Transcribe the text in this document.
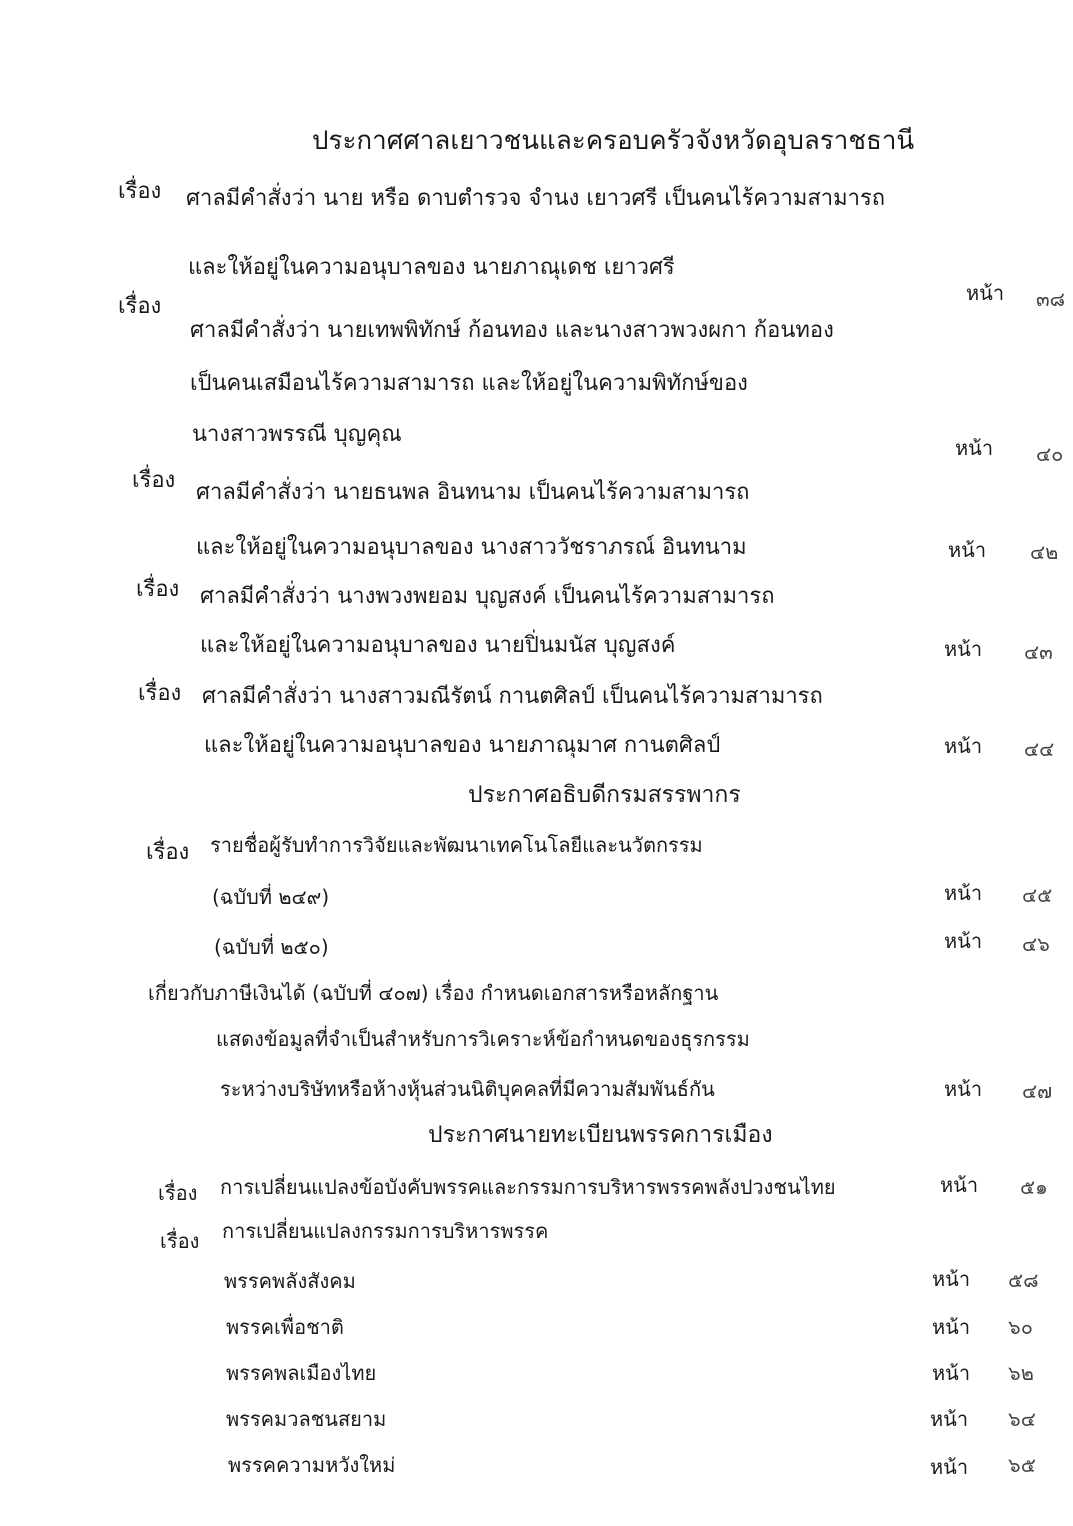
ประกาศศาลเยาวชนและครอบครัวจังหวัดอุบลราชธานี
เรื่อง ศาลมีคำสั่งว่า นาย หรือ ดาบตำรวจ จำนง เยาวศรี เป็นคนไร้ความสามารถ
และให้อยู่ในความอนุบาลของ นายภาณุเดช เยาวศรี
หน้า ๓๘
เรื่อง
ศาลมีคำสั่งว่า นายเทพพิทักษ์ ก้อนทอง และนางสาวพวงผกา ก้อนทอง
เป็นคนเสมือนไร้ความสามารถ และให้อยู่ในความพิทักษ์ของ
นางสาวพรรณี บุญคุณ
หน้า ๔๐
เรื่อง ศาลมีคำสั่งว่า นายธนพล อินทนาม เป็นคนไร้ความสามารถ
และให้อยู่ในความอนุบาลของ นางสาววัชราภรณ์ อินทนาม	หน้า ๔๒
เรื่อง ศาลมีคำสั่งว่า นางพวงพยอม บุญสงค์ เป็นคนไร้ความสามารถ
และให้อยู่ในความอนุบาลของ นายปิ่นมนัส บุญสงค์	หน้า ๔๓
เรื่อง ศาลมีคำสั่งว่า นางสาวมณีรัตน์ กานตศิลป์ เป็นคนไร้ความสามารถ
และให้อยู่ในความอนุบาลของ นายภาณุมาศ กานตศิลป์	หน้า ๔๔
ประกาศอธิบดีกรมสรรพากร
เรื่อง รายชื่อผู้รับทำการวิจัยและพัฒนาเทคโนโลยีและนวัตกรรม
(ฉบับที่ ๒๔๙)	หน้า ๔๕
(ฉบับที่ ๒๕๐)	หน้า ๔๖
เกี่ยวกับภาษีเงินได้ (ฉบับที่ ๔๐๗) เรื่อง กำหนดเอกสารหรือหลักฐาน
แสดงข้อมูลที่จำเป็นสำหรับการวิเคราะห์ข้อกำหนดของธุรกรรม
ระหว่างบริษัทหรือห้างหุ้นส่วนนิติบุคคลที่มีความสัมพันธ์กัน	หน้า ๔๗
ประกาศนายทะเบียนพรรคการเมือง
เรื่อง การเปลี่ยนแปลงข้อบังคับพรรคและกรรมการบริหารพรรคพลังปวงชนไทย	หน้า ๕๑
เรื่อง การเปลี่ยนแปลงกรรมการบริหารพรรค
พรรคพลังสังคม	หน้า ๕๘
พรรคเพื่อชาติ	หน้า ๖๐
พรรคพลเมืองไทย	หน้า ๖๒
พรรคมวลชนสยาม	หน้า ๖๔
พรรคความหวังใหม่	หน้า ๖๕
